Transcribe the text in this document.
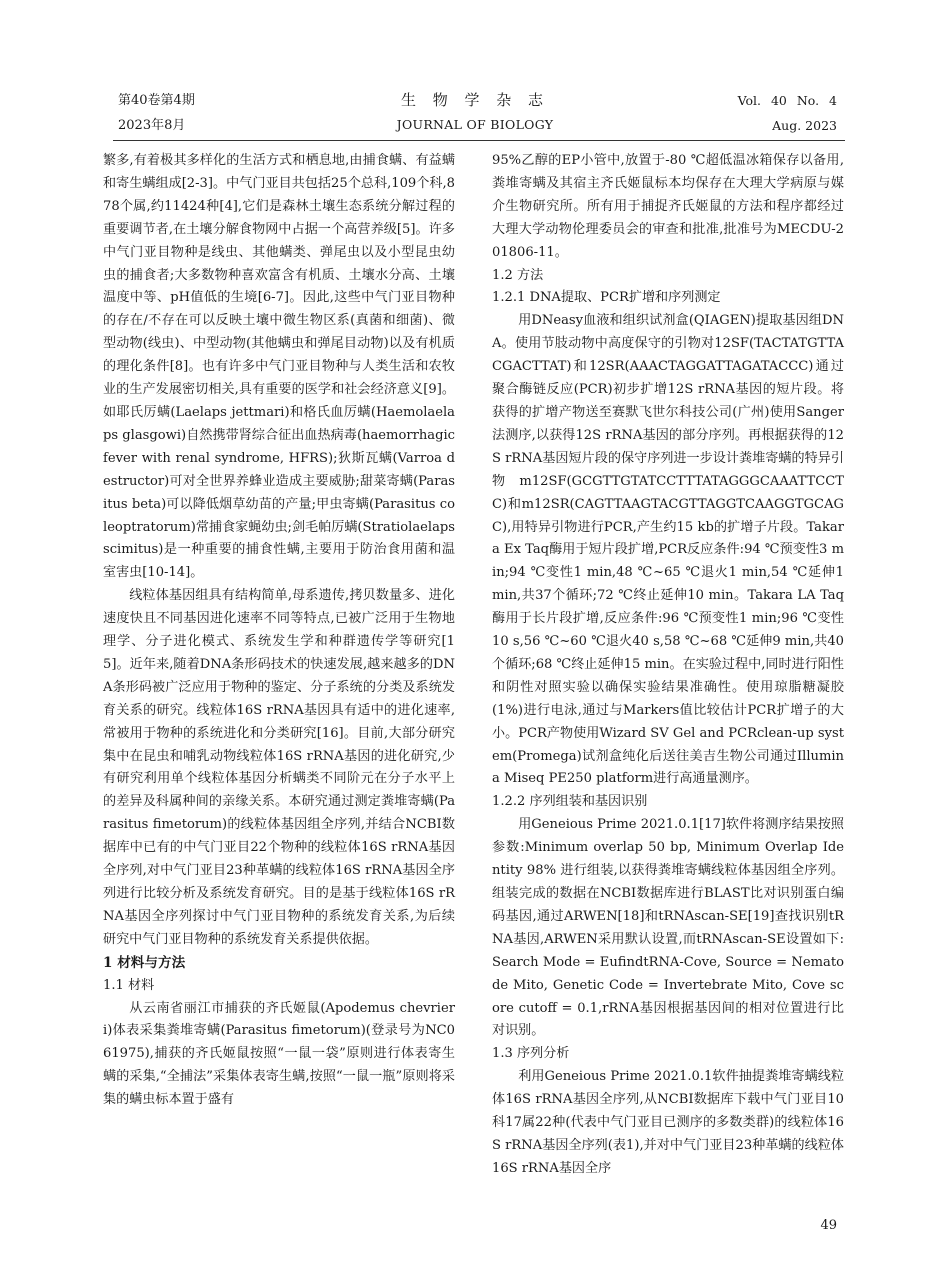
第40卷第4期
2023年8月
生 物 学 杂 志
JOURNAL OF BIOLOGY
Vol. 40 No. 4
Aug. 2023

繁多,有着极其多样化的生活方式和栖息地,由捕食螨、有益螨和寄生螨组成[2-3]。中气门亚目共包括25个总科,109个科,878个属,约11424种[4],它们是森林土壤生态系统分解过程的重要调节者,在土壤分解食物网中占据一个高营养级[5]。许多中气门亚目物种是线虫、其他螨类、弹尾虫以及小型昆虫幼虫的捕食者;大多数物种喜欢富含有机质、土壤水分高、土壤温度中等、pH值低的生境[6-7]。因此,这些中气门亚目物种的存在/不存在可以反映土壤中微生物区系(真菌和细菌)、微型动物(线虫)、中型动物(其他螨虫和弹尾目动物)以及有机质的理化条件[8]。也有许多中气门亚目物种与人类生活和农牧业的生产发展密切相关,具有重要的医学和社会经济意义[9]。如耶氏厉螨(Laelaps jettmari)和格氏血厉螨(Haemolaelaps glasgowi)自然携带肾综合征出血热病毒(haemorrhagic fever with renal syndrome, HFRS);狄斯瓦螨(Varroa destructor)可对全世界养蜂业造成主要威胁;甜菜寄螨(Parasitus beta)可以降低烟草幼苗的产量;甲虫寄螨(Parasitus coleoptratorum)常捕食家蝇幼虫;剑毛帕厉螨(Stratiolaelaps scimitus)是一种重要的捕食性螨,主要用于防治食用菌和温室害虫[10-14]。

线粒体基因组具有结构简单,母系遗传,拷贝数量多、进化速度快且不同基因进化速率不同等特点,已被广泛用于生物地理学、分子进化模式、系统发生学和种群遗传学等研究[15]。近年来,随着DNA条形码技术的快速发展,越来越多的DNA条形码被广泛应用于物种的鉴定、分子系统的分类及系统发育关系的研究。线粒体16S rRNA基因具有适中的进化速率,常被用于物种的系统进化和分类研究[16]。目前,大部分研究集中在昆虫和哺乳动物线粒体16S rRNA基因的进化研究,少有研究利用单个线粒体基因分析螨类不同阶元在分子水平上的差异及科属种间的亲缘关系。本研究通过测定粪堆寄螨(Parasitus fimetorum)的线粒体基因组全序列,并结合NCBI数据库中已有的中气门亚目22个物种的线粒体16S rRNA基因全序列,对中气门亚目23种革螨的线粒体16S rRNA基因全序列进行比较分析及系统发育研究。目的是基于线粒体16S rRNA基因全序列探讨中气门亚目物种的系统发育关系,为后续研究中气门亚目物种的系统发育关系提供依据。

1 材料与方法
1.1 材料

从云南省丽江市捕获的齐氏姬鼠(Apodemus chevrieri)体表采集粪堆寄螨(Parasitus fimetorum)(登录号为NC061975),捕获的齐氏姬鼠按照“一鼠一袋”原则进行体表寄生螨的采集,“全捕法”采集体表寄生螨,按照“一鼠一瓶”原则将采集的螨虫标本置于盛有

95%乙醇的EP小管中,放置于-80 ℃超低温冰箱保存以备用,粪堆寄螨及其宿主齐氏姬鼠标本均保存在大理大学病原与媒介生物研究所。所有用于捕捉齐氏姬鼠的方法和程序都经过大理大学动物伦理委员会的审查和批准,批准号为MECDU-201806-11。

1.2 方法
1.2.1 DNA提取、PCR扩增和序列测定

用DNeasy血液和组织试剂盒(QIAGEN)提取基因组DNA。使用节肢动物中高度保守的引物对12SF(TACTATGTTACGACTTAT)和12SR(AAACTAGGATTAGATACCC)通过聚合酶链反应(PCR)初步扩增12S rRNA基因的短片段。将获得的扩增产物送至赛默飞世尔科技公司(广州)使用Sanger法测序,以获得12S rRNA基因的部分序列。再根据获得的12S rRNA基因短片段的保守序列进一步设计粪堆寄螨的特异引物m12SF(GCGTTGTATCCTTTATAGGGCAAATTCCTC)和m12SR(CAGTTAAGTACGTTAGGTCAAGGTGCAGC),用特异引物进行PCR,产生约15 kb的扩增子片段。Takara Ex Taq酶用于短片段扩增,PCR反应条件:94 ℃预变性3 min;94 ℃变性1 min,48 ℃~65 ℃退火1 min,54 ℃延伸1 min,共37个循环;72 ℃终止延伸10 min。Takara LA Taq酶用于长片段扩增,反应条件:96 ℃预变性1 min;96 ℃变性10 s,56 ℃~60 ℃退火40 s,58 ℃~68 ℃延伸9 min,共40个循环;68 ℃终止延伸15 min。在实验过程中,同时进行阳性和阴性对照实验以确保实验结果准确性。使用琼脂糖凝胶(1%)进行电泳,通过与Markers值比较估计PCR扩增子的大小。PCR产物使用Wizard SV Gel and PCRclean-up system(Promega)试剂盒纯化后送往美吉生物公司通过Illumina Miseq PE250 platform进行高通量测序。

1.2.2 序列组装和基因识别

用Geneious Prime 2021.0.1[17]软件将测序结果按照参数:Minimum overlap 50 bp, Minimum Overlap Identity 98% 进行组装,以获得粪堆寄螨线粒体基因组全序列。组装完成的数据在NCBI数据库进行BLAST比对识别蛋白编码基因,通过ARWEN[18]和tRNAscan-SE[19]查找识别tRNA基因,ARWEN采用默认设置,而tRNAscan-SE设置如下:Search Mode = EufindtRNA-Cove, Source = Nematode Mito, Genetic Code = Invertebrate Mito, Cove score cutoff = 0.1,rRNA基因根据基因间的相对位置进行比对识别。

1.3 序列分析

利用Geneious Prime 2021.0.1软件抽提粪堆寄螨线粒体16S rRNA基因全序列,从NCBI数据库下载中气门亚目10科17属22种(代表中气门亚目已测序的多数类群)的线粒体16S rRNA基因全序列(表1),并对中气门亚目23种革螨的线粒体16S rRNA基因全序

49
